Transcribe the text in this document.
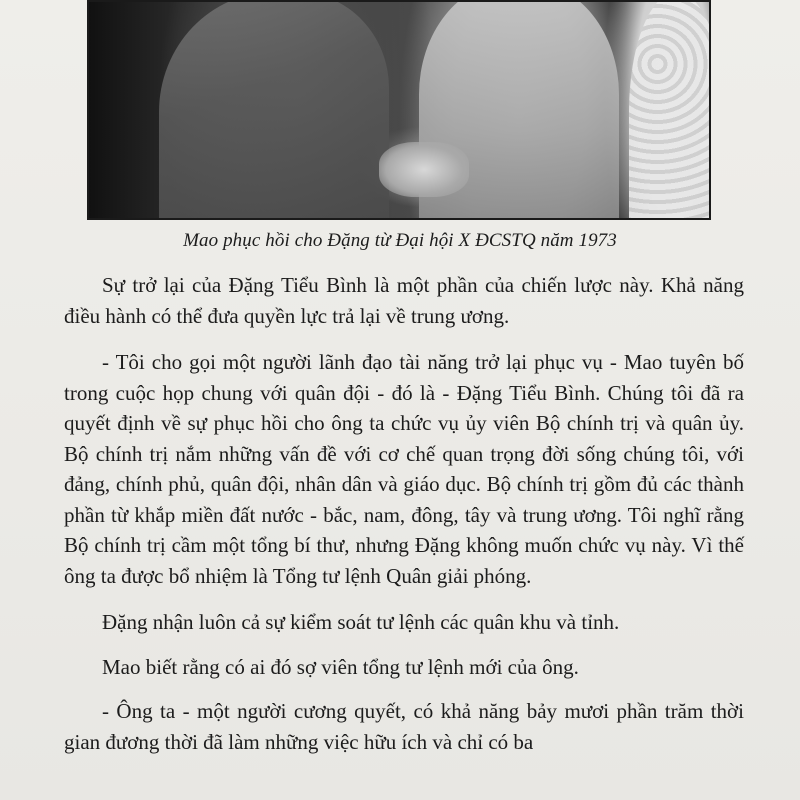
Mao phục hồi cho Đặng từ Đại hội X ĐCSTQ năm 1973

Sự trở lại của Đặng Tiểu Bình là một phần của chiến lược này. Khả năng điều hành có thể đưa quyền lực trả lại về trung ương.

- Tôi cho gọi một người lãnh đạo tài năng trở lại phục vụ - Mao tuyên bố trong cuộc họp chung với quân đội - đó là - Đặng Tiểu Bình. Chúng tôi đã ra quyết định về sự phục hồi cho ông ta chức vụ ủy viên Bộ chính trị và quân ủy. Bộ chính trị nắm những vấn đề với cơ chế quan trọng đời sống chúng tôi, với đảng, chính phủ, quân đội, nhân dân và giáo dục. Bộ chính trị gồm đủ các thành phần từ khắp miền đất nước - bắc, nam, đông, tây và trung ương. Tôi nghĩ rằng Bộ chính trị cầm một tổng bí thư, nhưng Đặng không muốn chức vụ này. Vì thế ông ta được bổ nhiệm là Tổng tư lệnh Quân giải phóng.

Đặng nhận luôn cả sự kiểm soát tư lệnh các quân khu và tỉnh.

Mao biết rằng có ai đó sợ viên tổng tư lệnh mới của ông.

- Ông ta - một người cương quyết, có khả năng bảy mươi phần trăm thời gian đương thời đã làm những việc hữu ích và chỉ có ba
